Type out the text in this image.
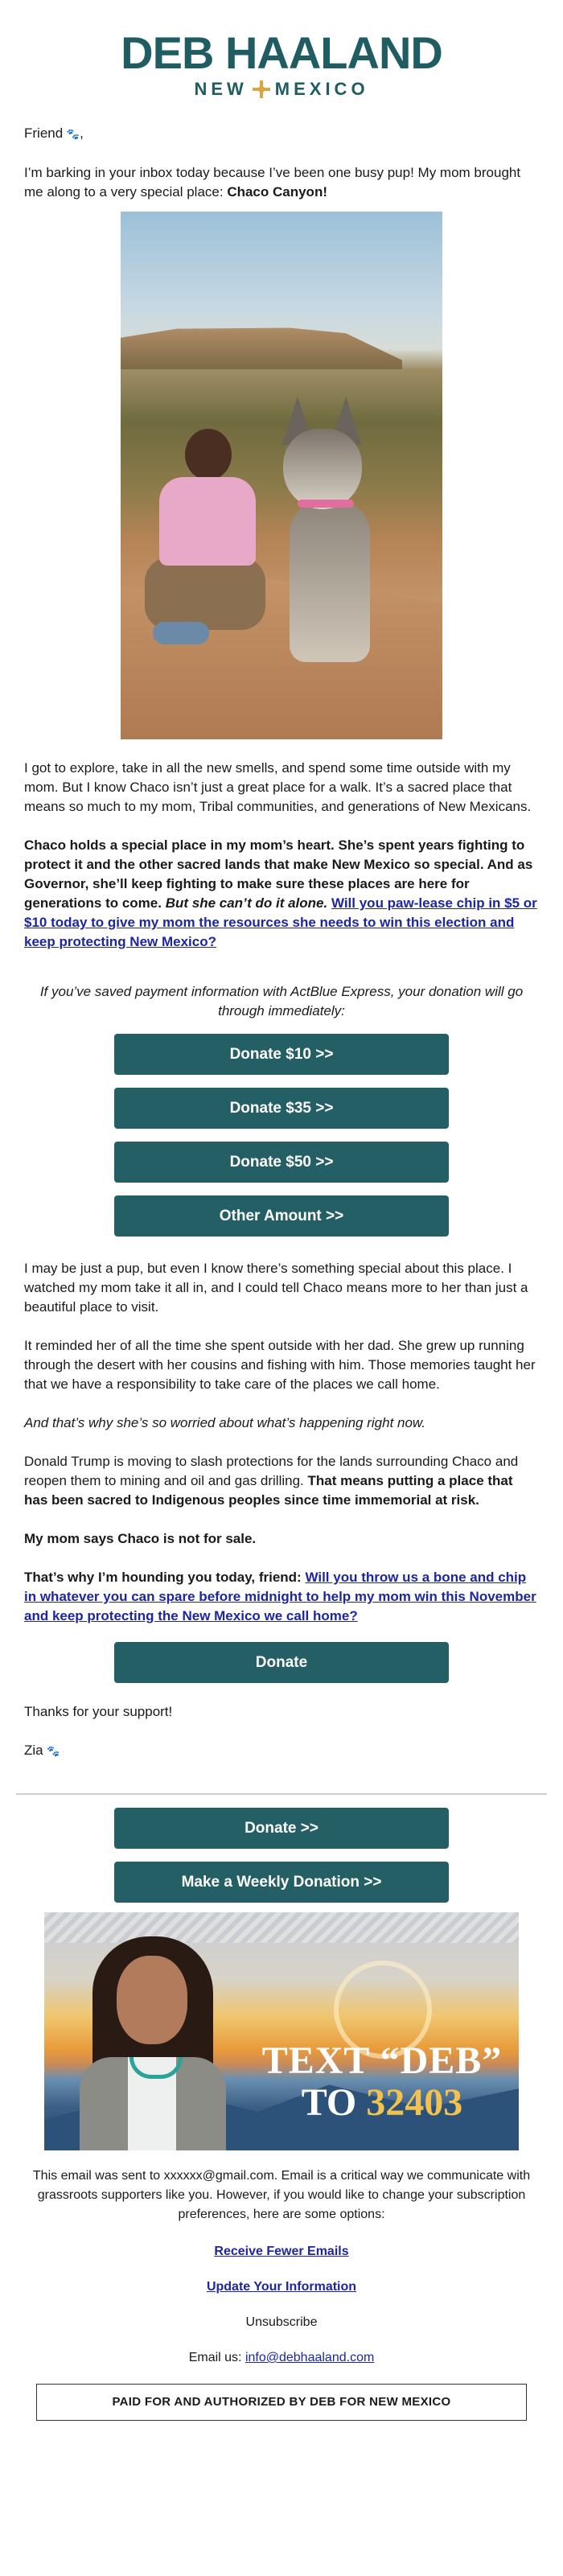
DEB HAALAND
NEW MEXICO

Friend 🐾,

I’m barking in your inbox today because I’ve been one busy pup! My mom brought me along to a very special place: Chaco Canyon!

I got to explore, take in all the new smells, and spend some time outside with my mom. But I know Chaco isn’t just a great place for a walk. It’s a sacred place that means so much to my mom, Tribal communities, and generations of New Mexicans.

Chaco holds a special place in my mom’s heart. She’s spent years fighting to protect it and the other sacred lands that make New Mexico so special. And as Governor, she’ll keep fighting to make sure these places are here for generations to come. But she can’t do it alone. Will you paw-lease chip in $5 or $10 today to give my mom the resources she needs to win this election and keep protecting New Mexico?

If you’ve saved payment information with ActBlue Express, your donation will go through immediately:

Donate $10 >>
Donate $35 >>
Donate $50 >>
Other Amount >>

I may be just a pup, but even I know there’s something special about this place. I watched my mom take it all in, and I could tell Chaco means more to her than just a beautiful place to visit.

It reminded her of all the time she spent outside with her dad. She grew up running through the desert with her cousins and fishing with him. Those memories taught her that we have a responsibility to take care of the places we call home.

And that’s why she’s so worried about what’s happening right now.

Donald Trump is moving to slash protections for the lands surrounding Chaco and reopen them to mining and oil and gas drilling. That means putting a place that has been sacred to Indigenous peoples since time immemorial at risk.

My mom says Chaco is not for sale.

That’s why I’m hounding you today, friend: Will you throw us a bone and chip in whatever you can spare before midnight to help my mom win this November and keep protecting the New Mexico we call home?

Donate

Thanks for your support!

Zia 🐾

Donate >>
Make a Weekly Donation >>
TEXT “DEB”
TO 32403

This email was sent to xxxxxx@gmail.com. Email is a critical way we communicate with grassroots supporters like you. However, if you would like to change your subscription preferences, here are some options:

Receive Fewer Emails

Update Your Information

Unsubscribe

Email us: info@debhaaland.com

PAID FOR AND AUTHORIZED BY DEB FOR NEW MEXICO
